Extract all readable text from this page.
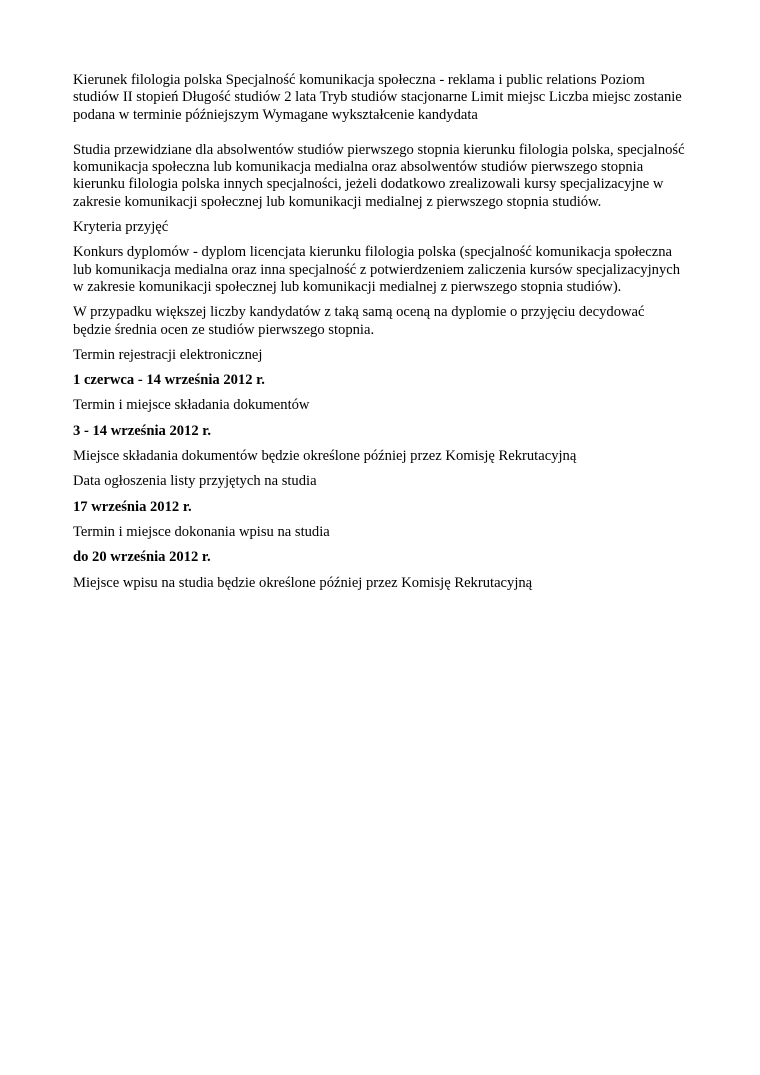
Kierunek filologia polska Specjalność komunikacja społeczna - reklama i public relations Poziom studiów II stopień Długość studiów 2 lata Tryb studiów stacjonarne Limit miejsc Liczba miejsc zostanie podana w terminie późniejszym Wymagane wykształcenie kandydata

Studia przewidziane dla absolwentów studiów pierwszego stopnia kierunku filologia polska, specjalność komunikacja społeczna lub komunikacja medialna oraz absolwentów studiów pierwszego stopnia kierunku filologia polska innych specjalności, jeżeli dodatkowo zrealizowali kursy specjalizacyjne w zakresie komunikacji społecznej lub komunikacji medialnej z pierwszego stopnia studiów.

Kryteria przyjęć

Konkurs dyplomów - dyplom licencjata kierunku filologia polska (specjalność komunikacja społeczna lub komunikacja medialna oraz inna specjalność z potwierdzeniem zaliczenia kursów specjalizacyjnych w zakresie komunikacji społecznej lub komunikacji medialnej z pierwszego stopnia studiów).

W przypadku większej liczby kandydatów z taką samą oceną na dyplomie o przyjęciu decydować będzie średnia ocen ze studiów pierwszego stopnia.

Termin rejestracji elektronicznej

1 czerwca - 14 września 2012 r.

Termin i miejsce składania dokumentów

3 - 14 września 2012 r.

Miejsce składania dokumentów będzie określone później przez Komisję Rekrutacyjną

Data ogłoszenia listy przyjętych na studia

17 września 2012 r.

Termin i miejsce dokonania wpisu na studia

do 20 września 2012 r.

Miejsce wpisu na studia będzie określone później przez Komisję Rekrutacyjną
